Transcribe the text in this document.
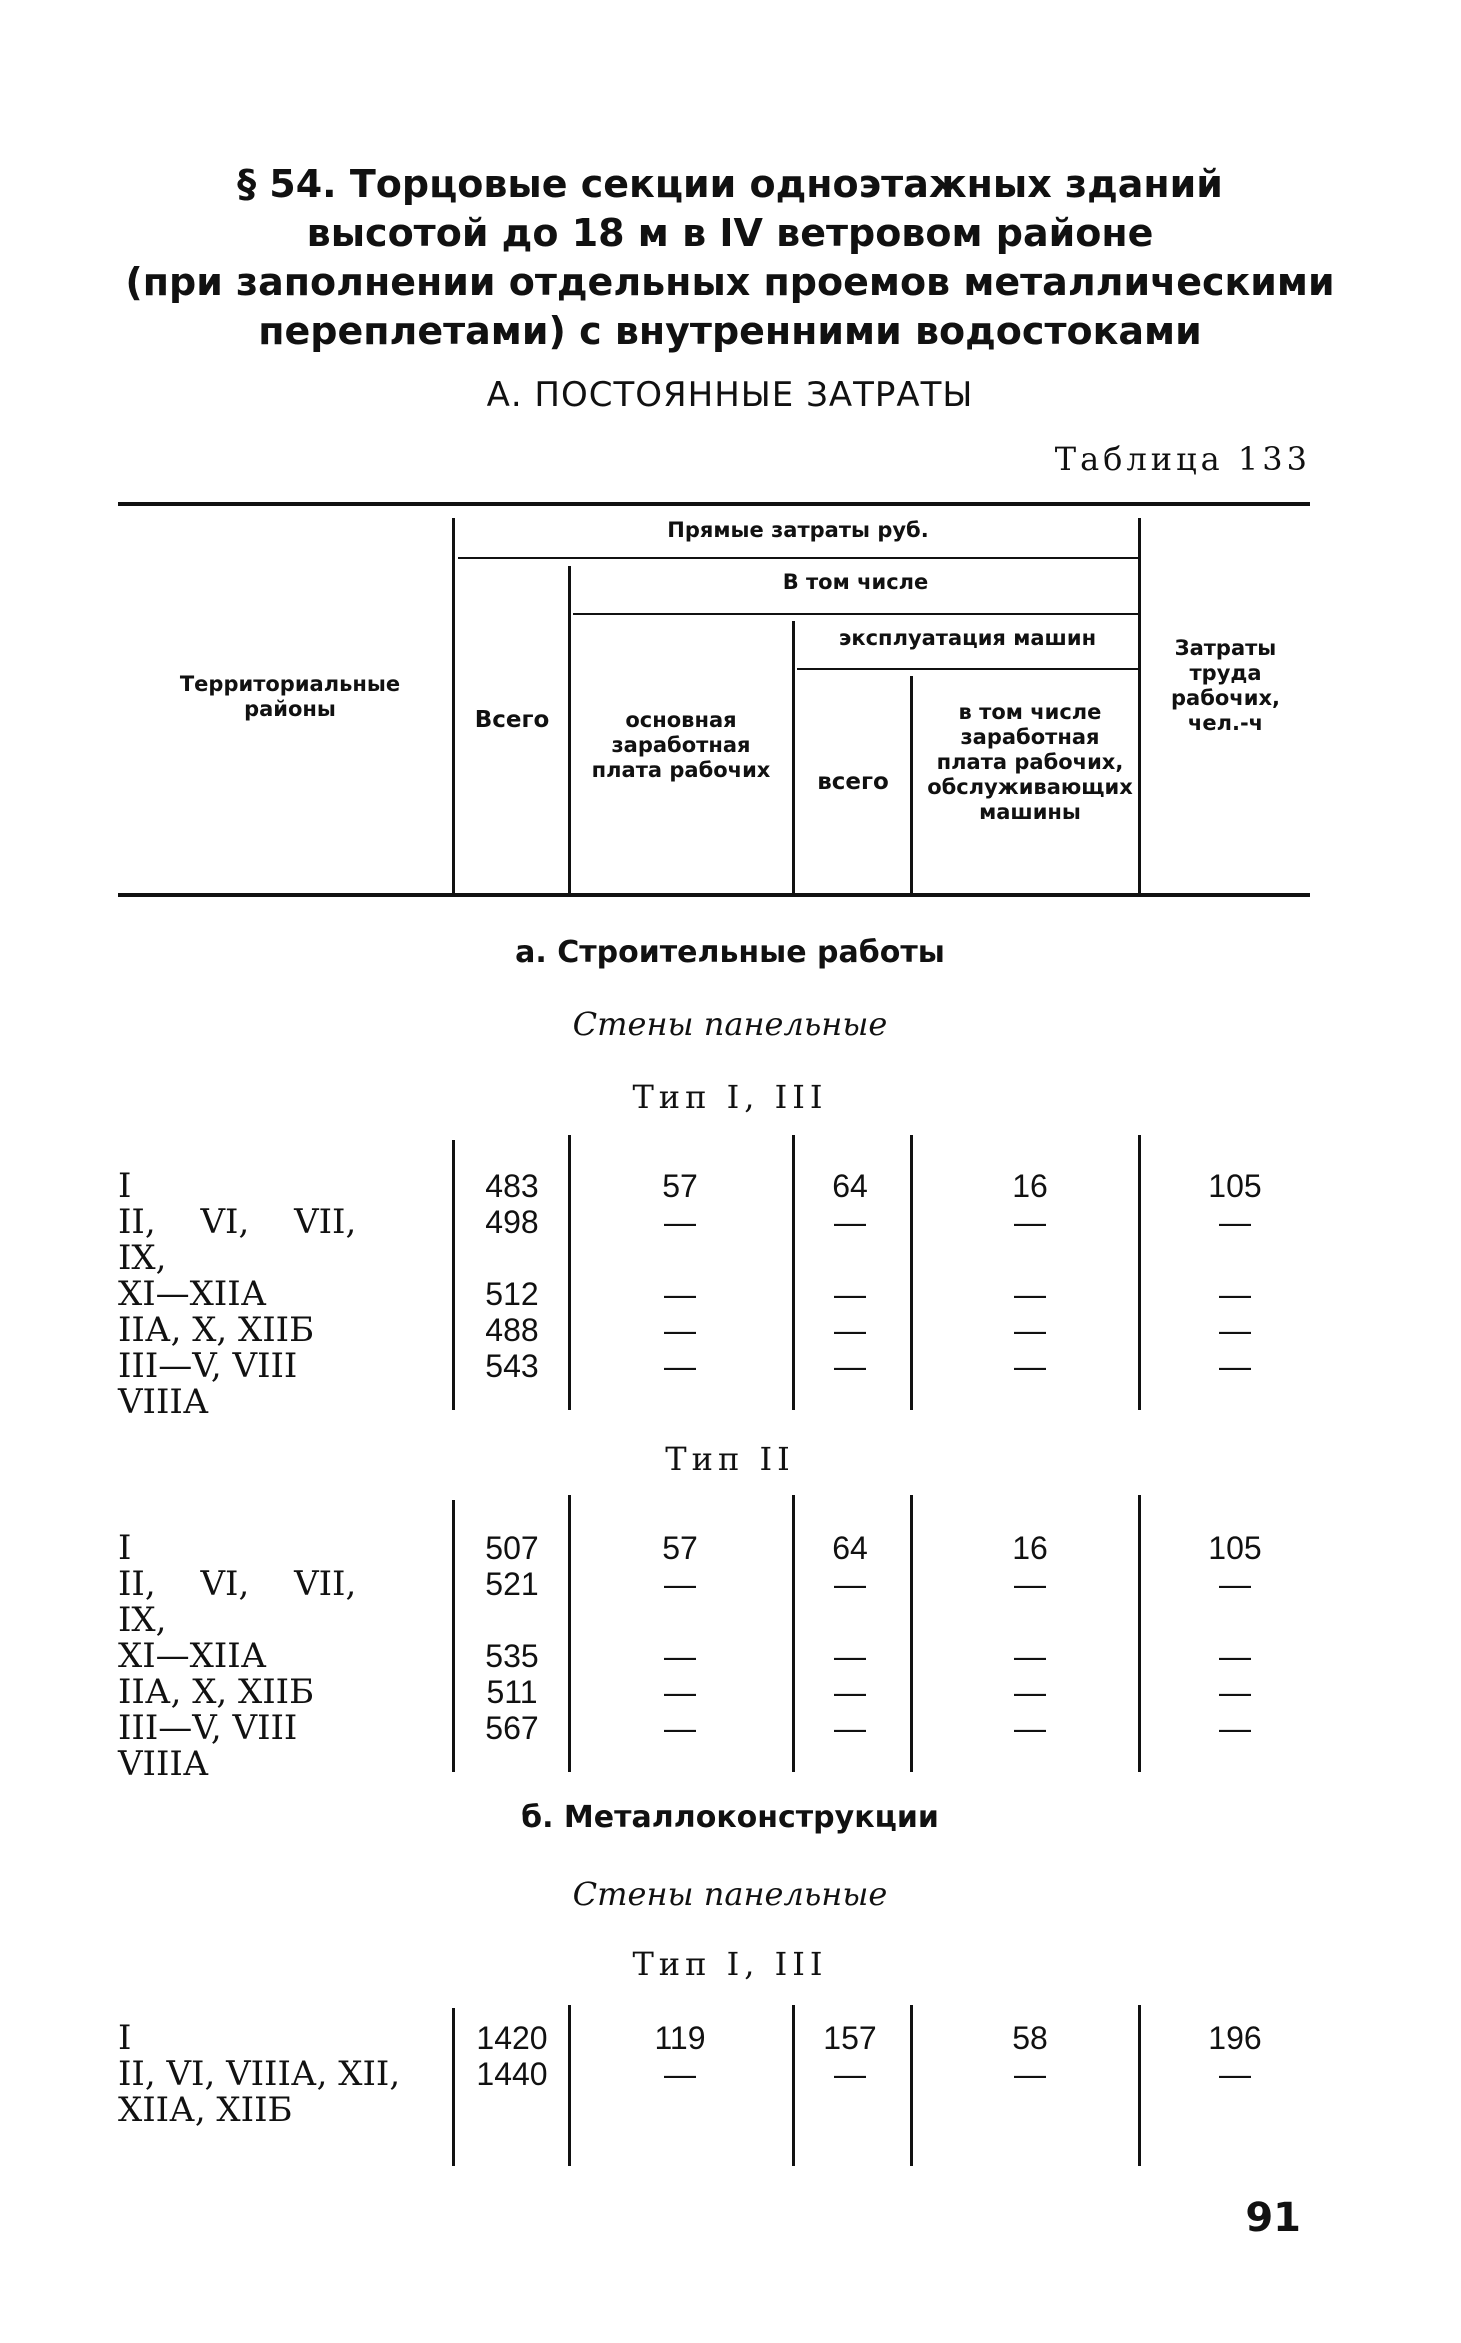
§ 54. Торцовые секции одноэтажных зданий
высотой до 18 м в IV ветровом районе
(при заполнении отдельных проемов металлическими
переплетами) с внутренними водостоками
А. ПОСТОЯННЫЕ ЗАТРАТЫ
Таблица 133
Территориальные районы
Прямые затраты руб.
В том числе
Всего	основная заработная плата рабочих
эксплуатация машин
всего
в том числе заработная плата рабочих, обслуживающих машины
Затраты труда рабочих, чел.-ч
а. Строительные работы
Стены панельные
Тип I, III
I
II, VI, VII, IX,
XI—XIIА
IIА, X, XIIБ
III—V, VIII
VIIIА
483
498
512
488
543
57
—
—
—
—
64
—
—
—
—
16
—
—
—
—
105
—
—
—
—
Тип II
I
II, VI, VII, IX,
XI—XIIА
IIА, X, XIIБ
III—V, VIII
VIIIА
507
521
535
511
567
57
—
—
—
—
64
—
—
—
—
16
—
—
—
—
105
—
—
—
—
б. Металлоконструкции
Стены панельные
Тип I, III
I
II, VI, VIIIА, XII,
XIIА, XIIБ
1420
1440
119
—
157
—
58
—
196
—
91
